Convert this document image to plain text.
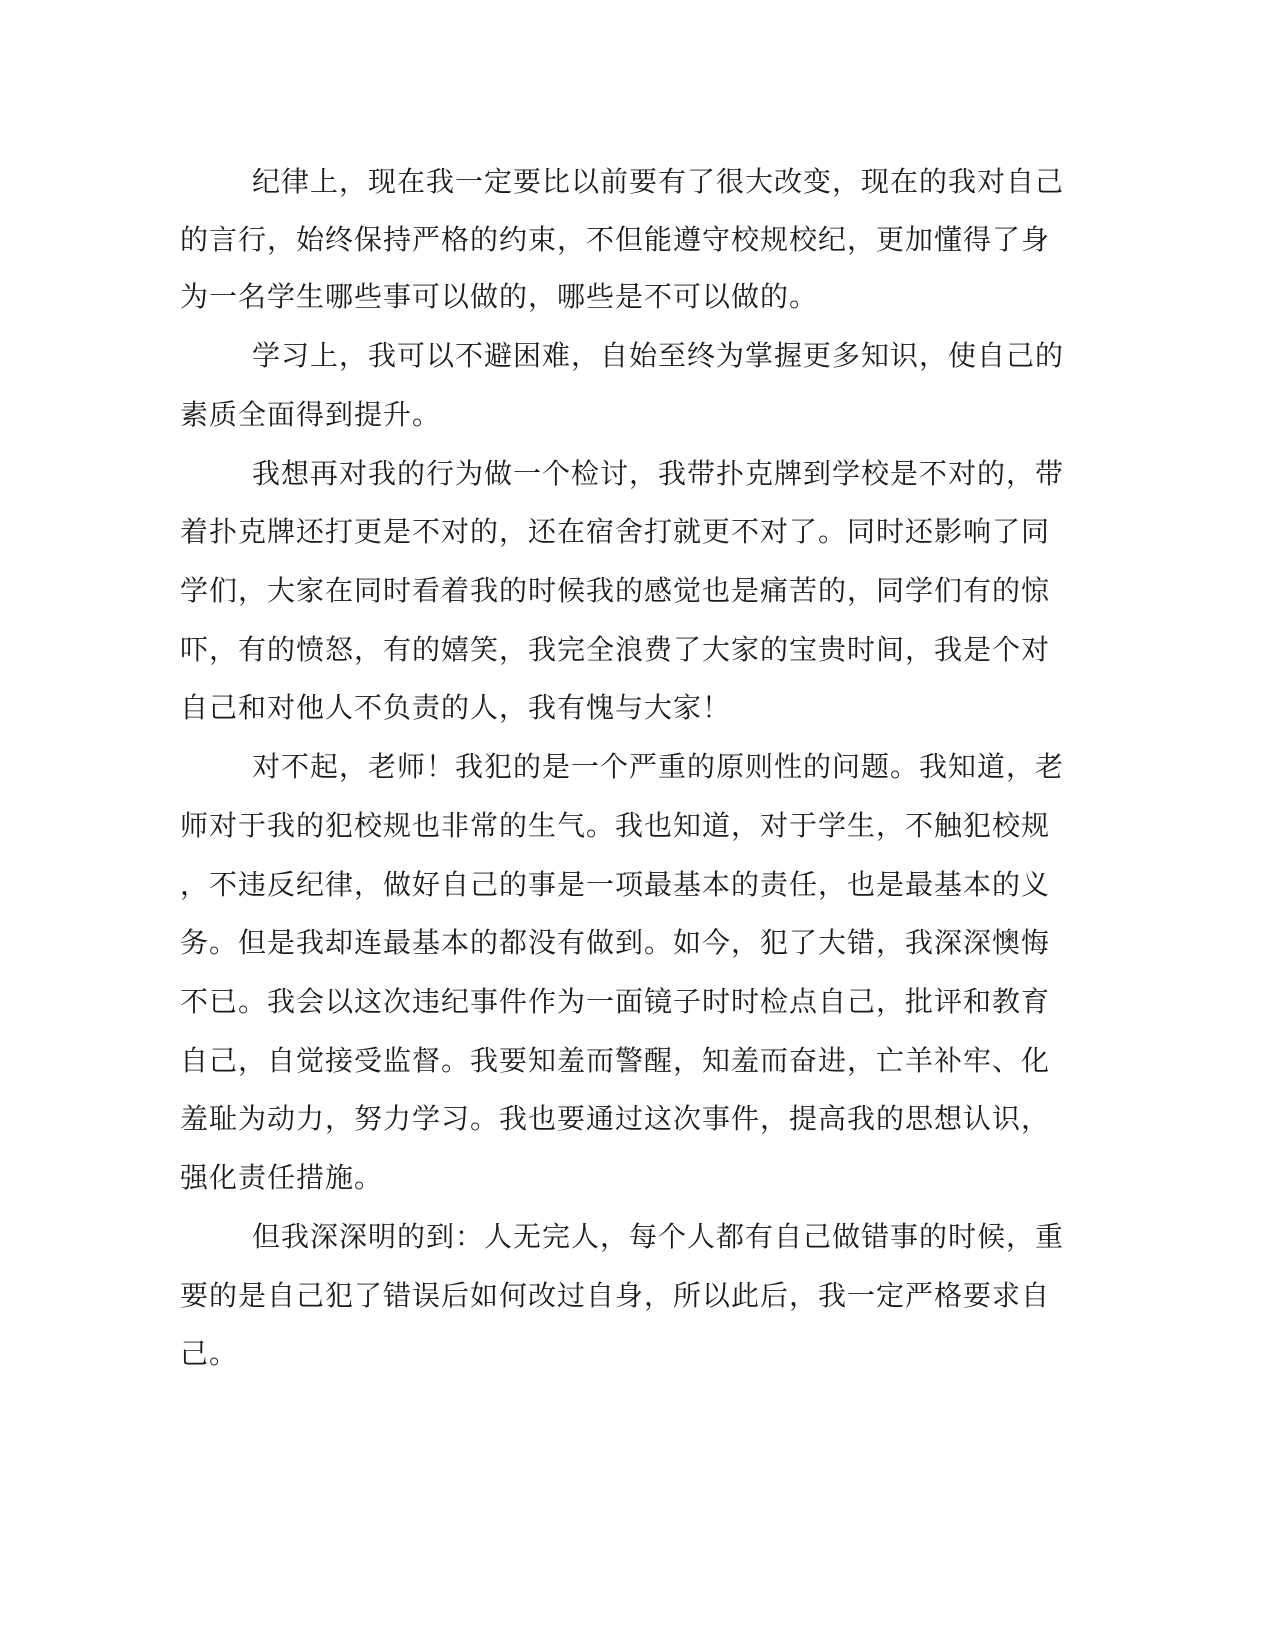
纪律上，现在我一定要比以前要有了很大改变，现在的我对自己
的言行，始终保持严格的约束，不但能遵守校规校纪，更加懂得了身
为一名学生哪些事可以做的，哪些是不可以做的。
学习上，我可以不避困难，自始至终为掌握更多知识，使自己的
素质全面得到提升。
我想再对我的行为做一个检讨，我带扑克牌到学校是不对的，带
着扑克牌还打更是不对的，还在宿舍打就更不对了。同时还影响了同
学们，大家在同时看着我的时候我的感觉也是痛苦的，同学们有的惊
吓，有的愤怒，有的嬉笑，我完全浪费了大家的宝贵时间，我是个对
自己和对他人不负责的人，我有愧与大家！
对不起，老师！我犯的是一个严重的原则性的问题。我知道，老
师对于我的犯校规也非常的生气。我也知道，对于学生，不触犯校规
，不违反纪律，做好自己的事是一项最基本的责任，也是最基本的义
务。但是我却连最基本的都没有做到。如今，犯了大错，我深深懊悔
不已。我会以这次违纪事件作为一面镜子时时检点自己，批评和教育
自己，自觉接受监督。我要知羞而警醒，知羞而奋进，亡羊补牢、化
羞耻为动力，努力学习。我也要通过这次事件，提高我的思想认识，
强化责任措施。
但我深深明的到：人无完人，每个人都有自己做错事的时候，重
要的是自己犯了错误后如何改过自身，所以此后，我一定严格要求自
己。
